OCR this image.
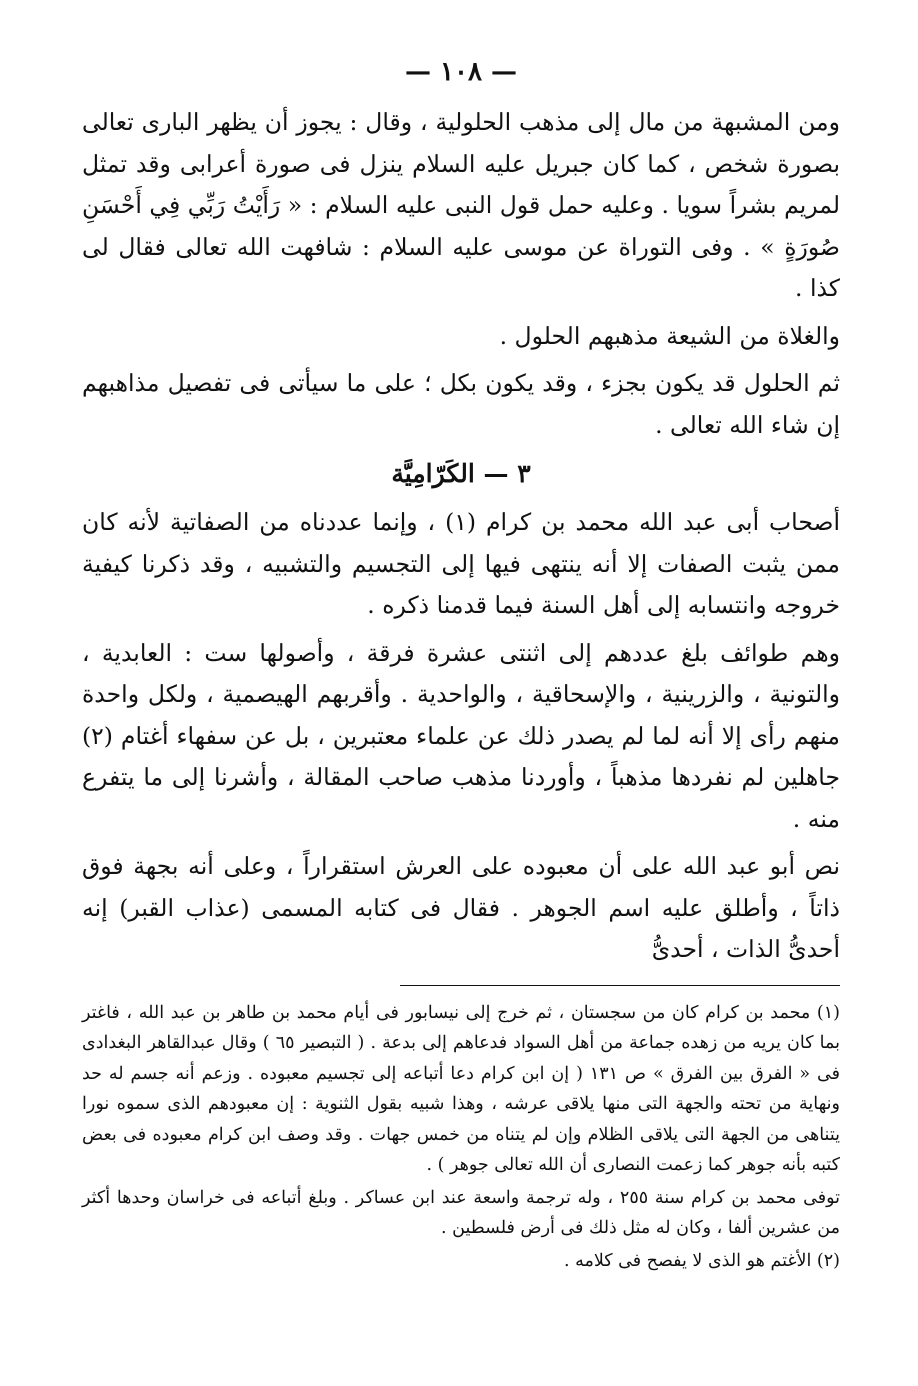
— ١٠٨ —

ومن المشبهة من مال إلى مذهب الحلولية ، وقال : يجوز أن يظهر البارى تعالى بصورة شخص ، كما كان جبريل عليه السلام ينزل فى صورة أعرابى وقد تمثل لمريم بشراً سويا . وعليه حمل قول النبى عليه السلام : « رَأَيْتُ رَبِّي فِي أَحْسَنِ صُورَةٍ » . وفى التوراة عن موسى عليه السلام : شافهت الله تعالى فقال لى كذا .

والغلاة من الشيعة مذهبهم الحلول .

ثم الحلول قد يكون بجزء ، وقد يكون بكل ؛ على ما سيأتى فى تفصيل مذاهبهم إن شاء الله تعالى .

٣ — الكَرّامِيَّة

أصحاب أبى عبد الله محمد بن كرام (١) ، وإنما عددناه من الصفاتية لأنه كان ممن يثبت الصفات إلا أنه ينتهى فيها إلى التجسيم والتشبيه ، وقد ذكرنا كيفية خروجه وانتسابه إلى أهل السنة فيما قدمنا ذكره .

وهم طوائف بلغ عددهم إلى اثنتى عشرة فرقة ، وأصولها ست : العابدية ، والتونية ، والزرينية ، والإسحاقية ، والواحدية . وأقربهم الهيصمية ، ولكل واحدة منهم رأى إلا أنه لما لم يصدر ذلك عن علماء معتبرين ، بل عن سفهاء أغتام (٢) جاهلين لم نفردها مذهباً ، وأوردنا مذهب صاحب المقالة ، وأشرنا إلى ما يتفرع منه .

نص أبو عبد الله على أن معبوده على العرش استقراراً ، وعلى أنه بجهة فوق ذاتاً ، وأطلق عليه اسم الجوهر . فقال فى كتابه المسمى (عذاب القبر) إنه أحدىُّ الذات ، أحدىُّ

(١) محمد بن كرام كان من سجستان ، ثم خرج إلى نيسابور فى أيام محمد بن طاهر بن عبد الله ، فاغتر بما كان يريه من زهده جماعة من أهل السواد فدعاهم إلى بدعة . ( التبصير ٦٥ ) وقال عبدالقاهر البغدادى فى « الفرق بين الفرق » ص ١٣١ ( إن ابن كرام دعا أتباعه إلى تجسيم معبوده . وزعم أنه جسم له حد ونهاية من تحته والجهة التى منها يلاقى عرشه ، وهذا شبيه بقول الثنوية : إن معبودهم الذى سموه نورا يتناهى من الجهة التى يلاقى الظلام وإن لم يتناه من خمس جهات . وقد وصف ابن كرام معبوده فى بعض كتبه بأنه جوهر كما زعمت النصارى أن الله تعالى جوهر ) .

توفى محمد بن كرام سنة ٢٥٥ ، وله ترجمة واسعة عند ابن عساكر . وبلغ أتباعه فى خراسان وحدها أكثر من عشرين ألفا ، وكان له مثل ذلك فى أرض فلسطين .

(٢) الأغتم هو الذى لا يفصح فى كلامه .
